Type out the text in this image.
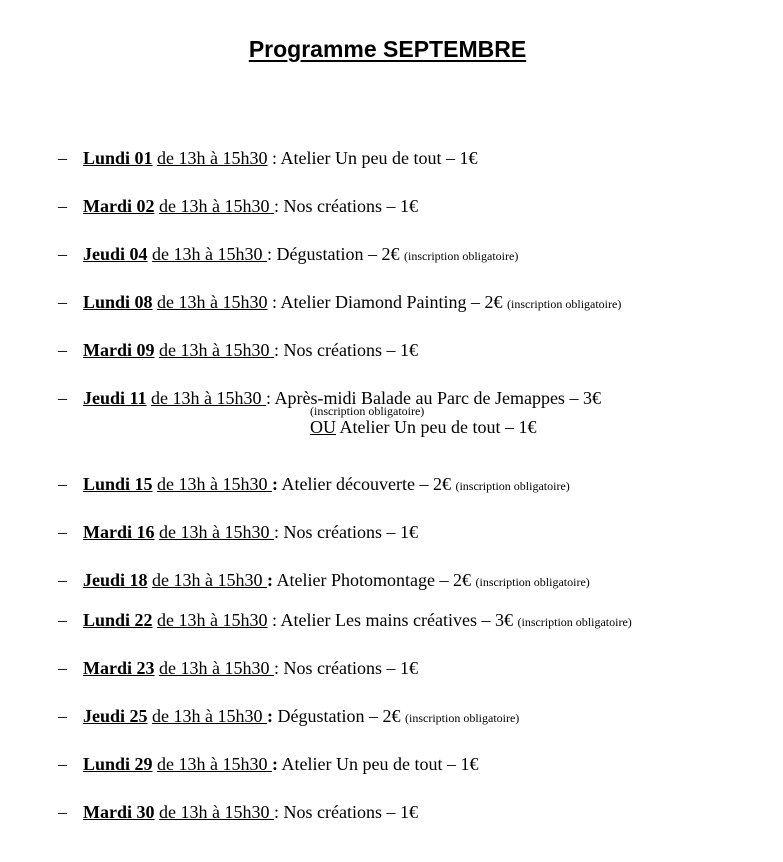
Programme SEPTEMBRE
– Lundi 01 de 13h à 15h30 : Atelier Un peu de tout – 1€
– Mardi 02 de 13h à 15h30 : Nos créations – 1€
– Jeudi 04 de 13h à 15h30 : Dégustation – 2€ (inscription obligatoire)
– Lundi 08 de 13h à 15h30 : Atelier Diamond Painting – 2€ (inscription obligatoire)
– Mardi 09 de 13h à 15h30 : Nos créations – 1€
– Jeudi 11 de 13h à 15h30 : Après-midi Balade au Parc de Jemappes – 3€
(inscription obligatoire)
OU Atelier Un peu de tout – 1€
– Lundi 15 de 13h à 15h30 : Atelier découverte – 2€ (inscription obligatoire)
– Mardi 16 de 13h à 15h30 : Nos créations – 1€
– Jeudi 18 de 13h à 15h30 : Atelier Photomontage – 2€ (inscription obligatoire)
– Lundi 22 de 13h à 15h30 : Atelier Les mains créatives – 3€ (inscription obligatoire)
– Mardi 23 de 13h à 15h30 : Nos créations – 1€
– Jeudi 25 de 13h à 15h30 : Dégustation – 2€ (inscription obligatoire)
– Lundi 29 de 13h à 15h30 : Atelier Un peu de tout – 1€
– Mardi 30 de 13h à 15h30 : Nos créations – 1€
